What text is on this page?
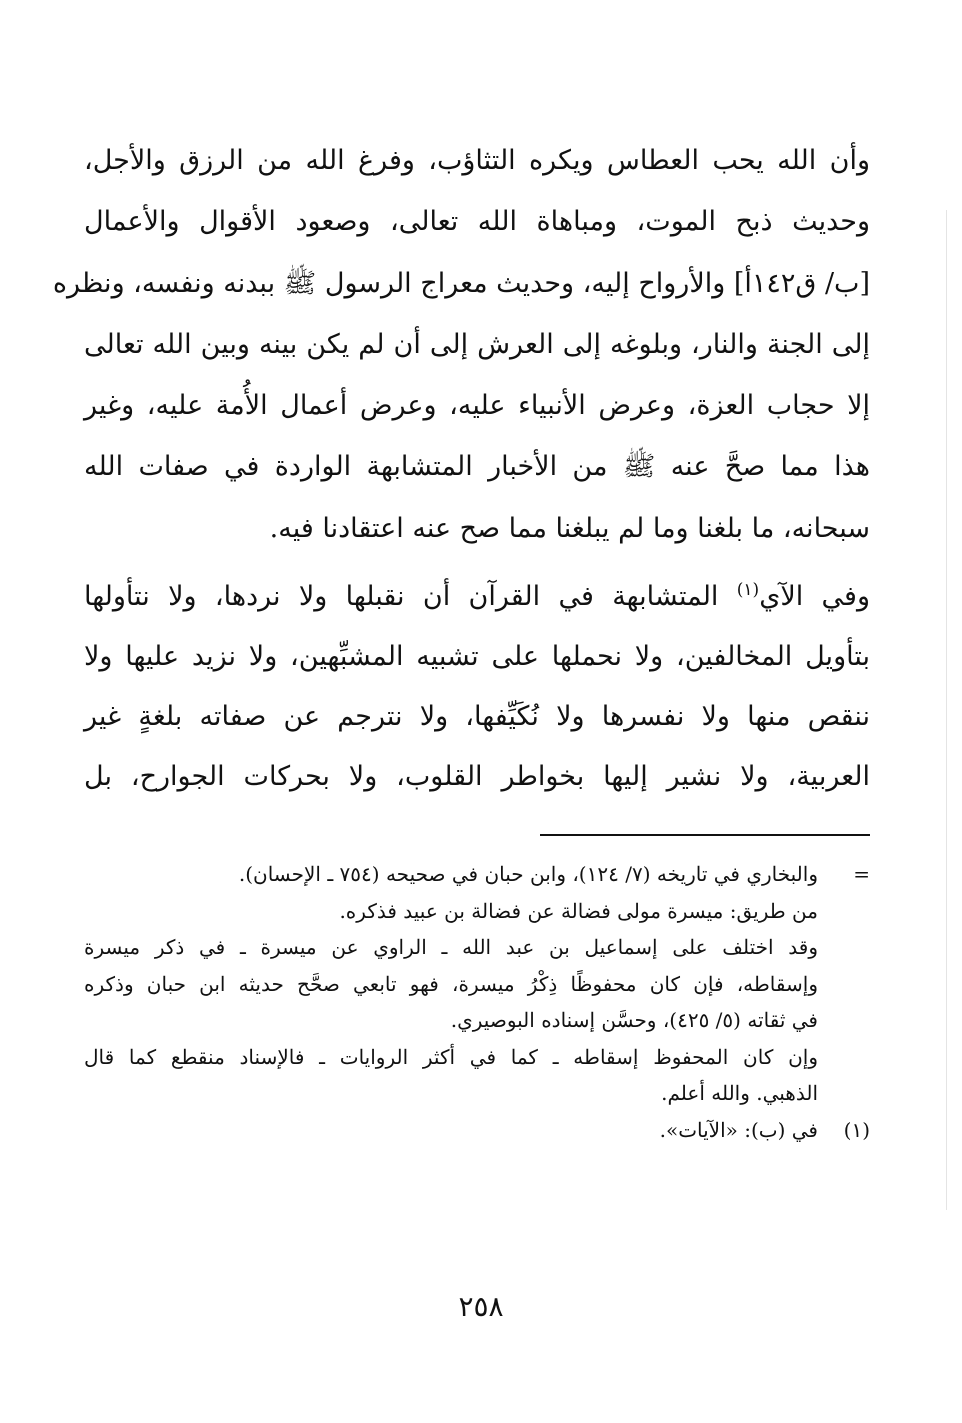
وأن الله يحب العطاس ويكره التثاؤب، وفرغ الله من الرزق والأجل،
وحديث ذبح الموت، ومباهاة الله تعالى، وصعود الأقوال والأعمال
[ب/ ق١٤٢أ] والأرواح إليه، وحديث معراج الرسول ﷺ ببدنه ونفسه، ونظره
إلى الجنة والنار، وبلوغه إلى العرش إلى أن لم يكن بينه وبين الله تعالى
إلا حجاب العزة، وعرض الأنبياء عليه، وعرض أعمال الأُمة عليه، وغير
هذا مما صحَّ عنه ﷺ من الأخبار المتشابهة الواردة في صفات الله
سبحانه، ما بلغنا وما لم يبلغنا مما صح عنه اعتقادنا فيه.
وفي الآي$^{(١)}$ المتشابهة في القرآن أن نقبلها ولا نردها، ولا نتأولها
بتأويل المخالفين، ولا نحملها على تشبيه المشبِّهين، ولا نزيد عليها ولا
ننقص منها ولا نفسرها ولا نُكَيِّفها، ولا نترجم عن صفاته بلغةٍ غير
العربية، ولا نشير إليها بخواطر القلوب، ولا بحركات الجوارح، بل
=
والبخاري في تاريخه (٧/ ١٢٤)، وابن حبان في صحيحه (٧٥٤ ـ الإحسان).
من طريق: ميسرة مولى فضالة عن فضالة بن عبيد فذكره.
وقد اختلف على إسماعيل بن عبد الله ـ الراوي عن ميسرة ـ في ذكر ميسرة
وإسقاطه، فإن كان محفوظًا ذِكْرُ ميسرة، فهو تابعي صحَّح حديثه ابن حبان وذكره
في ثقاته (٥/ ٤٢٥)، وحسَّن إسناده البوصيري.
وإن كان المحفوظ إسقاطه ـ كما في أكثر الروايات ـ فالإسناد منقطع كما قال
الذهبي. والله أعلم.
(١)
في (ب): «الآيات».
٢٥٨
